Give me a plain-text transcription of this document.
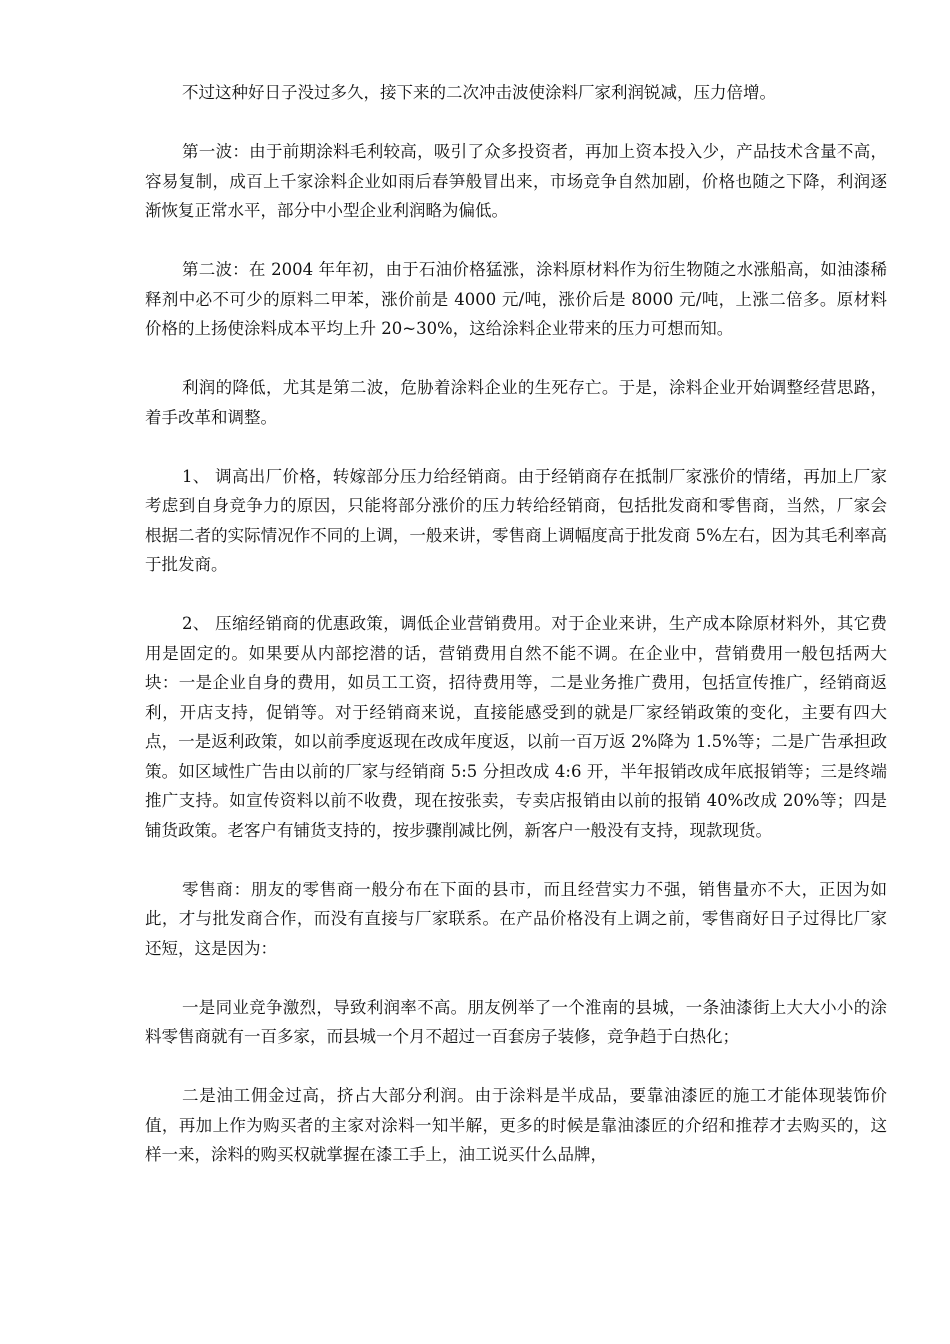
不过这种好日子没过多久，接下来的二次冲击波使涂料厂家利润锐减，压力倍增。

第一波：由于前期涂料毛利较高，吸引了众多投资者，再加上资本投入少，产品技术含量不高，容易复制，成百上千家涂料企业如雨后春笋般冒出来，市场竞争自然加剧，价格也随之下降，利润逐渐恢复正常水平，部分中小型企业利润略为偏低。

第二波：在 2004 年年初，由于石油价格猛涨，涂料原材料作为衍生物随之水涨船高，如油漆稀释剂中必不可少的原料二甲苯，涨价前是 4000 元/吨，涨价后是 8000 元/吨，上涨二倍多。原材料价格的上扬使涂料成本平均上升 20~30%，这给涂料企业带来的压力可想而知。

利润的降低，尤其是第二波，危胁着涂料企业的生死存亡。于是，涂料企业开始调整经营思路，着手改革和调整。

1、 调高出厂价格，转嫁部分压力给经销商。由于经销商存在抵制厂家涨价的情绪，再加上厂家考虑到自身竞争力的原因，只能将部分涨价的压力转给经销商，包括批发商和零售商，当然，厂家会根据二者的实际情况作不同的上调，一般来讲，零售商上调幅度高于批发商 5%左右，因为其毛利率高于批发商。

2、 压缩经销商的优惠政策，调低企业营销费用。对于企业来讲，生产成本除原材料外，其它费用是固定的。如果要从内部挖潜的话，营销费用自然不能不调。在企业中，营销费用一般包括两大块：一是企业自身的费用，如员工工资，招待费用等，二是业务推广费用，包括宣传推广，经销商返利，开店支持，促销等。对于经销商来说，直接能感受到的就是厂家经销政策的变化，主要有四大点，一是返利政策，如以前季度返现在改成年度返，以前一百万返 2%降为 1.5%等；二是广告承担政策。如区域性广告由以前的厂家与经销商 5:5 分担改成 4:6 开，半年报销改成年底报销等；三是终端推广支持。如宣传资料以前不收费，现在按张卖，专卖店报销由以前的报销 40%改成 20%等；四是铺货政策。老客户有铺货支持的，按步骤削减比例，新客户一般没有支持，现款现货。

零售商：朋友的零售商一般分布在下面的县市，而且经营实力不强，销售量亦不大，正因为如此，才与批发商合作，而没有直接与厂家联系。在产品价格没有上调之前，零售商好日子过得比厂家还短，这是因为：

一是同业竞争激烈，导致利润率不高。朋友例举了一个淮南的县城，一条油漆街上大大小小的涂料零售商就有一百多家，而县城一个月不超过一百套房子装修，竞争趋于白热化；

二是油工佣金过高，挤占大部分利润。由于涂料是半成品，要靠油漆匠的施工才能体现装饰价值，再加上作为购买者的主家对涂料一知半解，更多的时候是靠油漆匠的介绍和推荐才去购买的，这样一来，涂料的购买权就掌握在漆工手上，油工说买什么品牌，
